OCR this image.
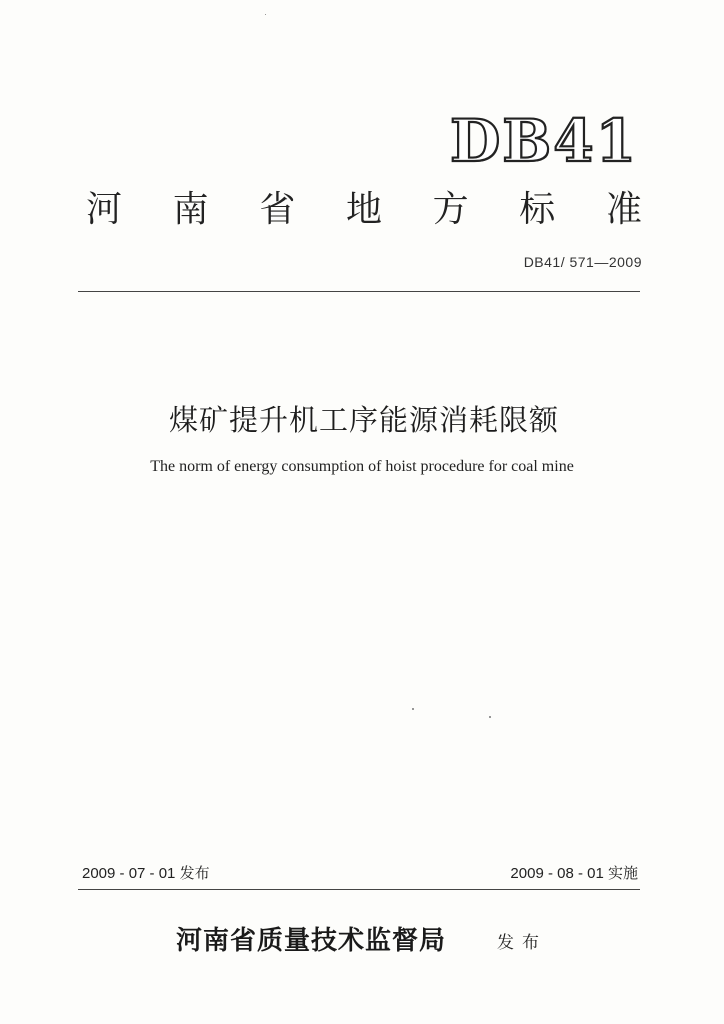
DB41
河 南 省 地 方 标 准
DB41/ 571—2009
煤矿提升机工序能源消耗限额
The norm of energy consumption of hoist procedure for coal mine
2009 - 07 - 01 发布	2009 - 08 - 01 实施
河南省质量技术监督局	发布
